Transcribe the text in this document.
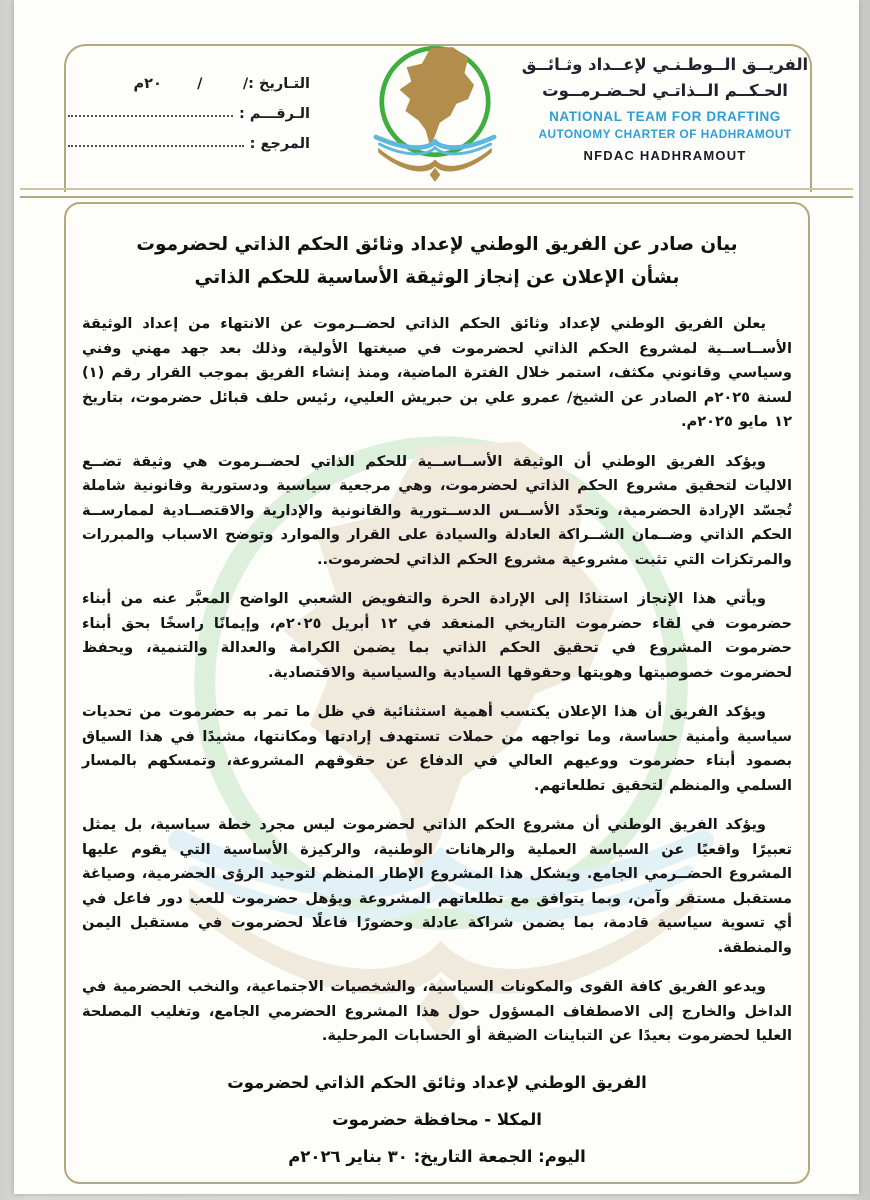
التـاريخ :
/        /       ٢٠م
الـرقـــم :
المرجع :
الفريــق الــوطـنـي لإعــداد وثـائــق
الحـكــم الــذاتـي لحـضـرمــوت
NATIONAL TEAM FOR DRAFTING
AUTONOMY CHARTER OF HADHRAMOUT
NFDAC HADHRAMOUT
بيان صادر عن الفريق الوطني لإعداد وثائق الحكم الذاتي لحضرموت
بشأن الإعلان عن إنجاز الوثيقة الأساسية للحكم الذاتي

يعلن الفريق الوطني لإعداد وثائق الحكم الذاتي لحضــرموت عن الانتهاء من إعداد الوثيقة الأســاســية لمشروع الحكم الذاتي لحضرموت في صيغتها الأولية، وذلك بعد جهد مهني وفني وسياسي وقانوني مكثف، استمر خلال الفترة الماضية، ومنذ إنشاء الفريق بموجب القرار رقم (١) لسنة ٢٠٢٥م الصادر عن الشيخ/ عمرو علي بن حبريش العليي، رئيس حلف قبائل حضرموت، بتاريخ ١٢ مايو ٢٠٢٥م.

ويؤكد الفريق الوطني أن الوثيقة الأســاســية للحكم الذاتي لحضــرموت هي وثيقة تضــع الاليات لتحقيق مشروع الحكم الذاتي لحضرموت، وهي مرجعية سياسية ودستورية وقانونية شاملة تُجسّد الإرادة الحضرمية، وتحدّد الأســس الدســتورية والقانونية والإدارية والاقتصــادية لممارســة الحكم الذاتي وضــمان الشــراكة العادلة والسيادة على القرار والموارد وتوضح الاسباب والمبررات والمرتكزات التي تثبت مشروعية مشروع الحكم الذاتي لحضرموت..

ويأتي هذا الإنجاز استنادًا إلى الإرادة الحرة والتفويض الشعبي الواضح المعبَّر عنه من أبناء حضرموت في لقاء حضرموت التاريخي المنعقد في ١٢ أبريل ٢٠٢٥م، وإيمانًا راسخًا بحق أبناء حضرموت المشروع في تحقيق الحكم الذاتي بما يضمن الكرامة والعدالة والتنمية، ويحفظ لحضرموت خصوصيتها وهويتها وحقوقها السيادية والسياسية والاقتصادية.

ويؤكد الفريق أن هذا الإعلان يكتسب أهمية استثنائية في ظل ما تمر به حضرموت من تحديات سياسية وأمنية حساسة، وما تواجهه من حملات تستهدف إرادتها ومكانتها، مشيدًا في هذا السياق بصمود أبناء حضرموت ووعيهم العالي في الدفاع عن حقوقهم المشروعة، وتمسكهم بالمسار السلمي والمنظم لتحقيق تطلعاتهم.

ويؤكد الفريق الوطني أن مشروع الحكم الذاتي لحضرموت ليس مجرد خطة سياسية، بل يمثل تعبيرًا واقعيًا عن السياسة العملية والرهانات الوطنية، والركيزة الأساسية التي يقوم عليها المشروع الحضــرمي الجامع. ويشكل هذا المشروع الإطار المنظم لتوحيد الرؤى الحضرمية، وصياغة مستقبل مستقر وآمن، وبما يتوافق مع تطلعاتهم المشروعة ويؤهل حضرموت للعب دور فاعل في أي تسوية سياسية قادمة، بما يضمن شراكة عادلة وحضورًا فاعلًا لحضرموت في مستقبل اليمن والمنطقة.

ويدعو الفريق كافة القوى والمكونات السياسية، والشخصيات الاجتماعية، والنخب الحضرمية في الداخل والخارج إلى الاصطفاف المسؤول حول هذا المشروع الحضرمي الجامع، وتغليب المصلحة العليا لحضرموت بعيدًا عن التباينات الضيقة أو الحسابات المرحلية.

الفريق الوطني لإعداد وثائق الحكم الذاتي لحضرموت
المكلا - محافظة حضرموت
اليوم: الجمعة التاريخ: ٣٠ بناير ٢٠٢٦م
